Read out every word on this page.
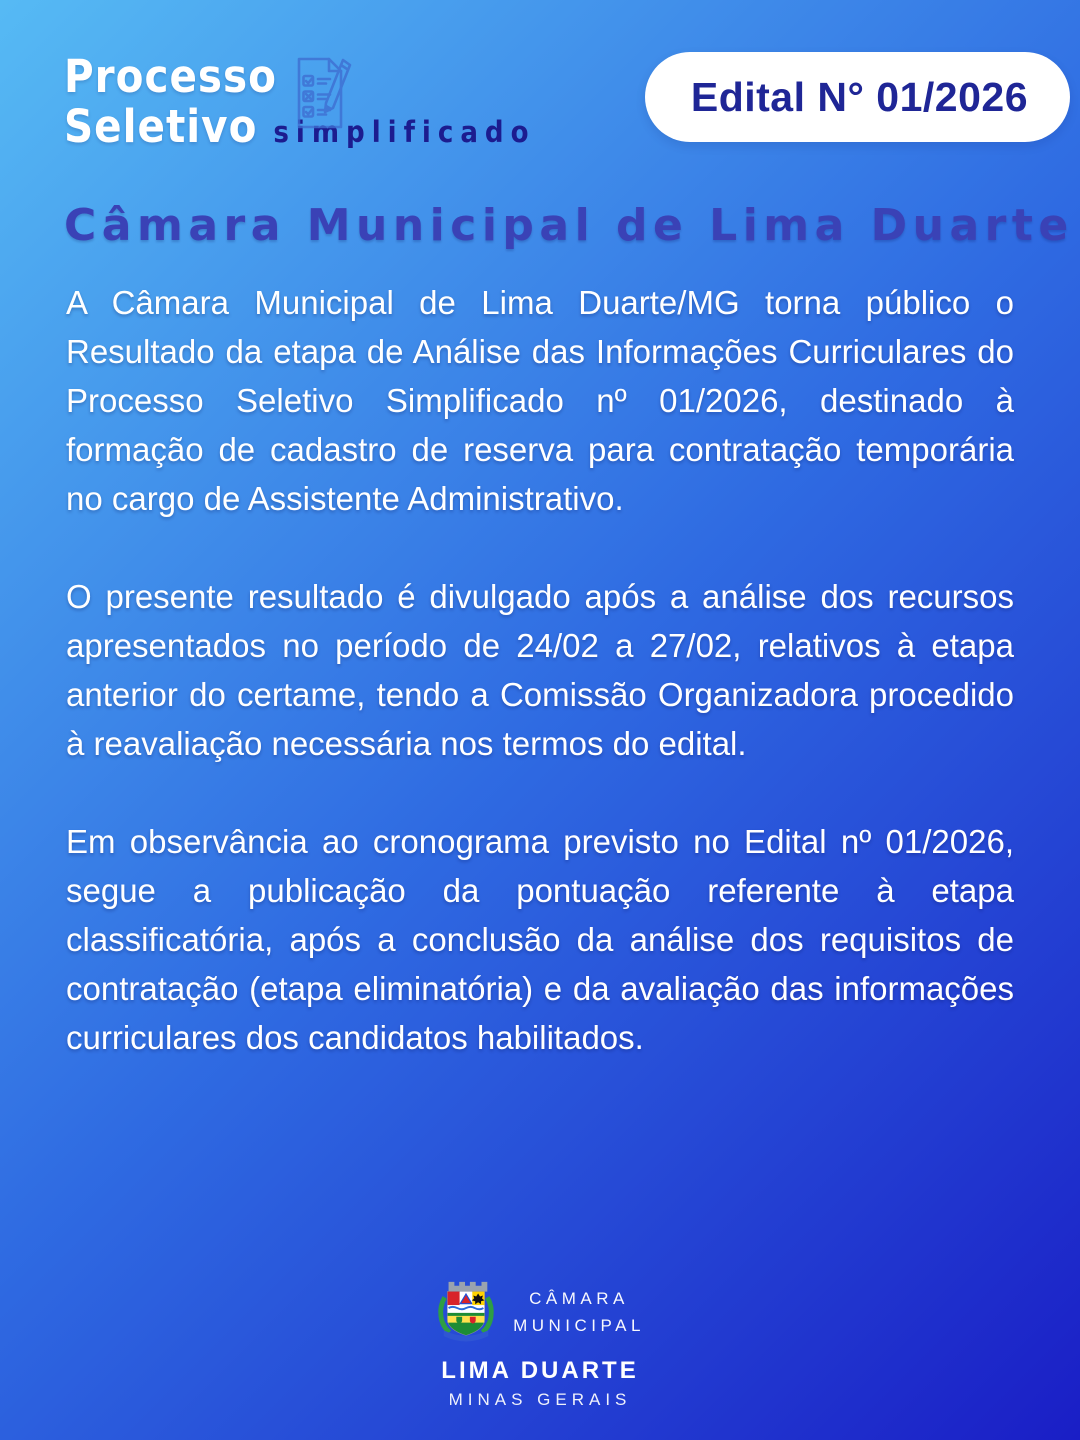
Processo
Seletivo simplificado
Edital N° 01/2026
Câmara Municipal de Lima Duarte

A Câmara Municipal de Lima Duarte/MG torna público o Resultado da etapa de Análise das Informações Curriculares do Processo Seletivo Simplificado nº 01/2026, destinado à formação de cadastro de reserva para contratação temporária no cargo de Assistente Administrativo.

O presente resultado é divulgado após a análise dos recursos apresentados no período de 24/02 a 27/02, relativos à etapa anterior do certame, tendo a Comissão Organizadora procedido à reavaliação necessária nos termos do edital.

Em observância ao cronograma previsto no Edital nº 01/2026, segue a publicação da pontuação referente à etapa classificatória, após a conclusão da análise dos requisitos de contratação (etapa eliminatória) e da avaliação das informações curriculares dos candidatos habilitados.

CÂMARA
MUNICIPAL
LIMA DUARTE
MINAS GERAIS
